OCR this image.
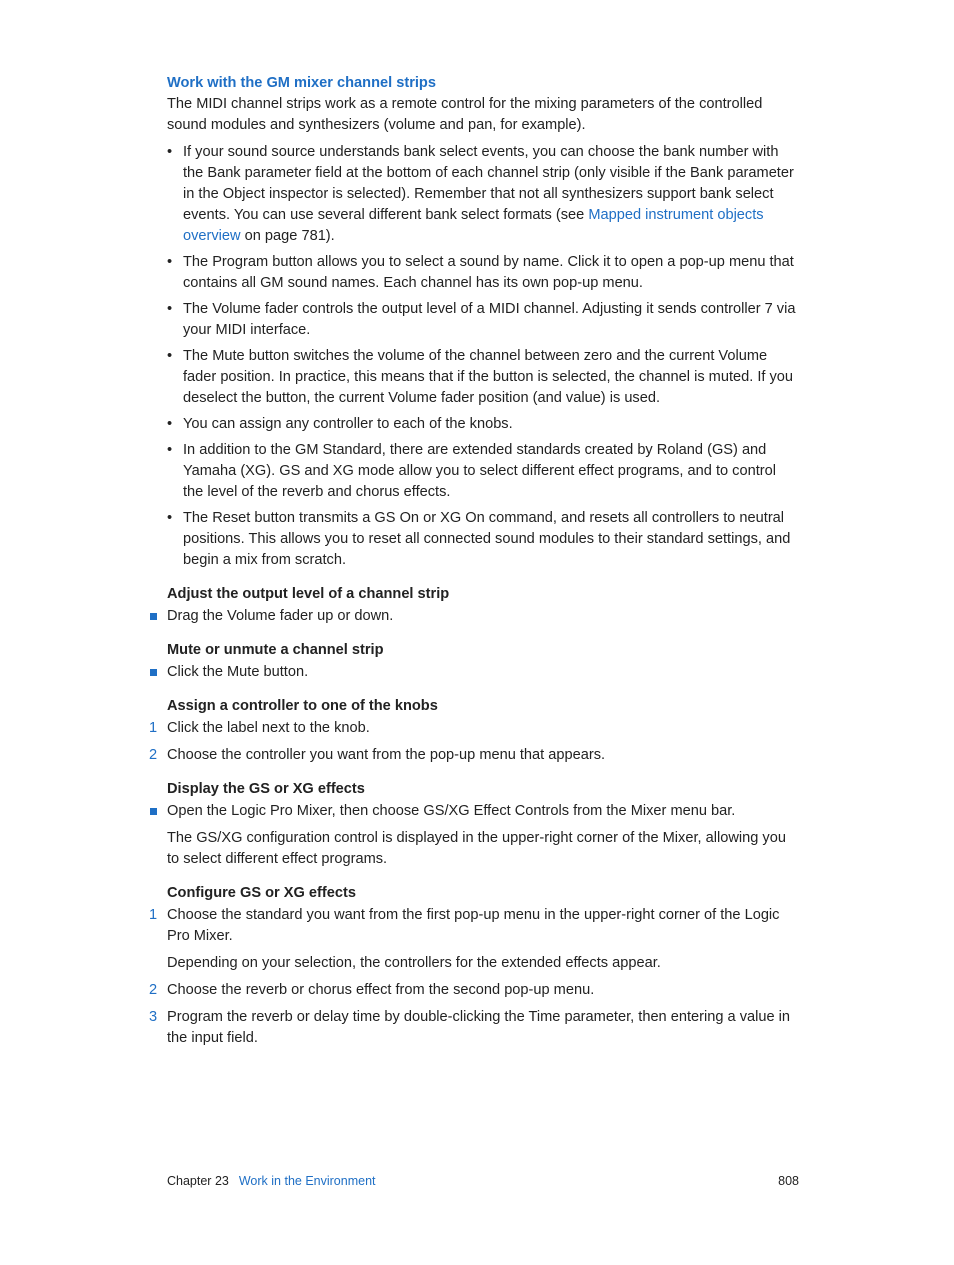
Work with the GM mixer channel strips

The MIDI channel strips work as a remote control for the mixing parameters of the controlled sound modules and synthesizers (volume and pan, for example).

• If your sound source understands bank select events, you can choose the bank number with the Bank parameter field at the bottom of each channel strip (only visible if the Bank parameter in the Object inspector is selected). Remember that not all synthesizers support bank select events. You can use several different bank select formats (see Mapped instrument objects overview on page 781).
• The Program button allows you to select a sound by name. Click it to open a pop-up menu that contains all GM sound names. Each channel has its own pop-up menu.
• The Volume fader controls the output level of a MIDI channel. Adjusting it sends controller 7 via your MIDI interface.
• The Mute button switches the volume of the channel between zero and the current Volume fader position. In practice, this means that if the button is selected, the channel is muted. If you deselect the button, the current Volume fader position (and value) is used.
• You can assign any controller to each of the knobs.
• In addition to the GM Standard, there are extended standards created by Roland (GS) and Yamaha (XG). GS and XG mode allow you to select different effect programs, and to control the level of the reverb and chorus effects.
• The Reset button transmits a GS On or XG On command, and resets all controllers to neutral positions. This allows you to reset all connected sound modules to their standard settings, and begin a mix from scratch.
Adjust the output level of a channel strip
Drag the Volume fader up or down.
Mute or unmute a channel strip
Click the Mute button.
Assign a controller to one of the knobs
1 Click the label next to the knob.
2 Choose the controller you want from the pop-up menu that appears.
Display the GS or XG effects
Open the Logic Pro Mixer, then choose GS/XG Effect Controls from the Mixer menu bar.

The GS/XG configuration control is displayed in the upper-right corner of the Mixer, allowing you to select different effect programs.

Configure GS or XG effects
1 Choose the standard you want from the first pop-up menu in the upper-right corner of the Logic Pro Mixer.

Depending on your selection, the controllers for the extended effects appear.

2 Choose the reverb or chorus effect from the second pop-up menu.
3 Program the reverb or delay time by double-clicking the Time parameter, then entering a value in the input field.
Chapter 23 Work in the Environment	808
